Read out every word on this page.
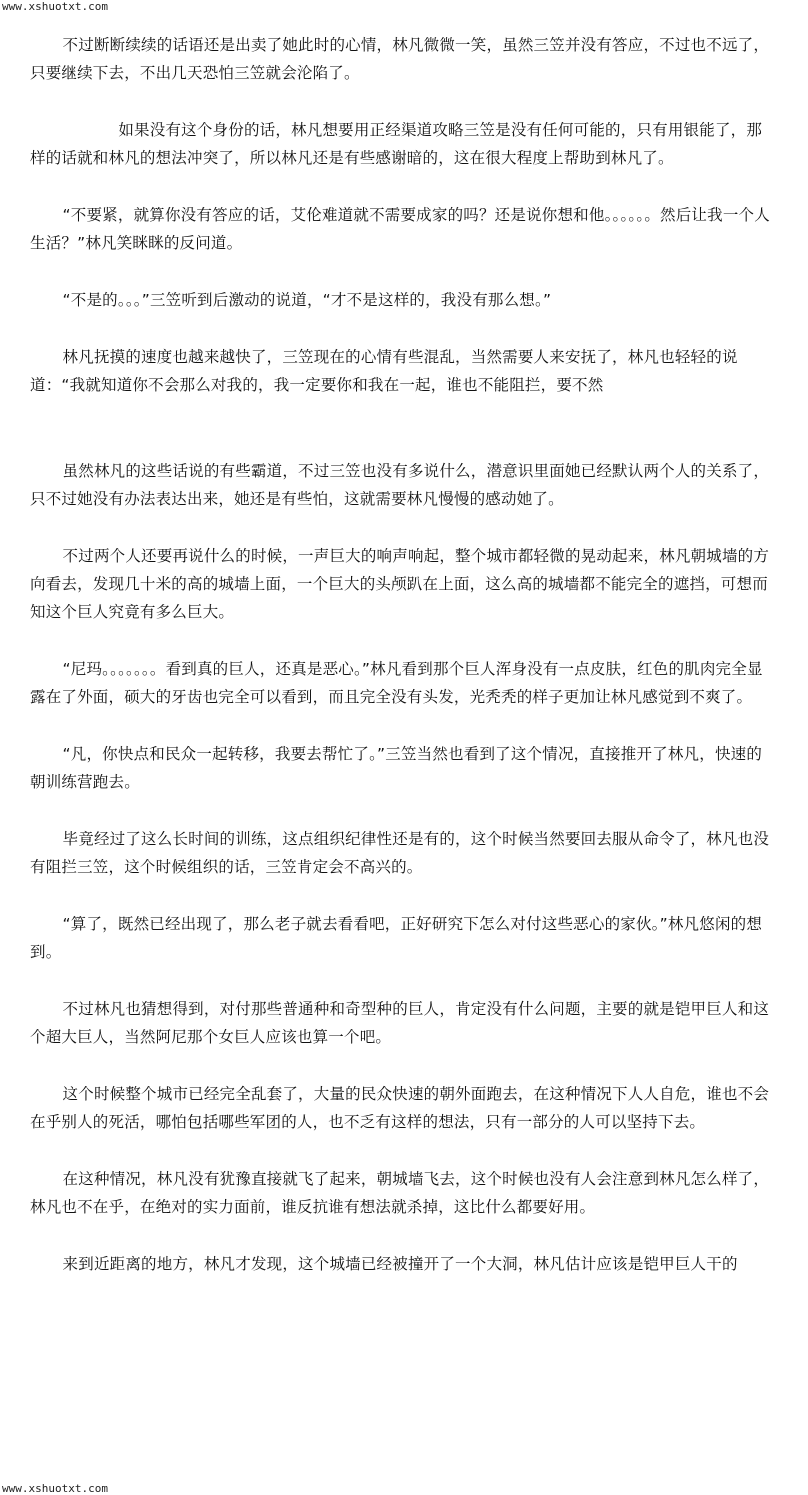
www.xshuotxt.com

不过断断续续的话语还是出卖了她此时的心情，林凡微微一笑，虽然三笠并没有答应，不过也不远了，只要继续下去，不出几天恐怕三笠就会沦陷了。

如果没有这个身份的话，林凡想要用正经渠道攻略三笠是没有任何可能的，只有用银能了，那样的话就和林凡的想法冲突了，所以林凡还是有些感谢暗的，这在很大程度上帮助到林凡了。

“不要紧，就算你没有答应的话，艾伦难道就不需要成家的吗？还是说你想和他。。。。。。然后让我一个人生活？”林凡笑眯眯的反问道。

“不是的。。。”三笠听到后激动的说道，“才不是这样的，我没有那么想。”

林凡抚摸的速度也越来越快了，三笠现在的心情有些混乱，当然需要人来安抚了，林凡也轻轻的说道：“我就知道你不会那么对我的，我一定要你和我在一起，谁也不能阻拦，要不然

虽然林凡的这些话说的有些霸道，不过三笠也没有多说什么，潜意识里面她已经默认两个人的关系了，只不过她没有办法表达出来，她还是有些怕，这就需要林凡慢慢的感动她了。

不过两个人还要再说什么的时候，一声巨大的响声响起，整个城市都轻微的晃动起来，林凡朝城墙的方向看去，发现几十米的高的城墙上面，一个巨大的头颅趴在上面，这么高的城墙都不能完全的遮挡，可想而知这个巨人究竟有多么巨大。

“尼玛。。。。。。。看到真的巨人，还真是恶心。”林凡看到那个巨人浑身没有一点皮肤，红色的肌肉完全显露在了外面，硕大的牙齿也完全可以看到，而且完全没有头发，光秃秃的样子更加让林凡感觉到不爽了。

“凡，你快点和民众一起转移，我要去帮忙了。”三笠当然也看到了这个情况，直接推开了林凡，快速的朝训练营跑去。

毕竟经过了这么长时间的训练，这点组织纪律性还是有的，这个时候当然要回去服从命令了，林凡也没有阻拦三笠，这个时候组织的话，三笠肯定会不高兴的。

“算了，既然已经出现了，那么老子就去看看吧，正好研究下怎么对付这些恶心的家伙。”林凡悠闲的想到。

不过林凡也猜想得到，对付那些普通种和奇型种的巨人，肯定没有什么问题，主要的就是铠甲巨人和这个超大巨人，当然阿尼那个女巨人应该也算一个吧。

这个时候整个城市已经完全乱套了，大量的民众快速的朝外面跑去，在这种情况下人人自危，谁也不会在乎别人的死活，哪怕包括哪些军团的人，也不乏有这样的想法，只有一部分的人可以坚持下去。

在这种情况，林凡没有犹豫直接就飞了起来，朝城墙飞去，这个时候也没有人会注意到林凡怎么样了，林凡也不在乎，在绝对的实力面前，谁反抗谁有想法就杀掉，这比什么都要好用。

来到近距离的地方，林凡才发现，这个城墙已经被撞开了一个大洞，林凡估计应该是铠甲巨人干的

www.xshuotxt.com
